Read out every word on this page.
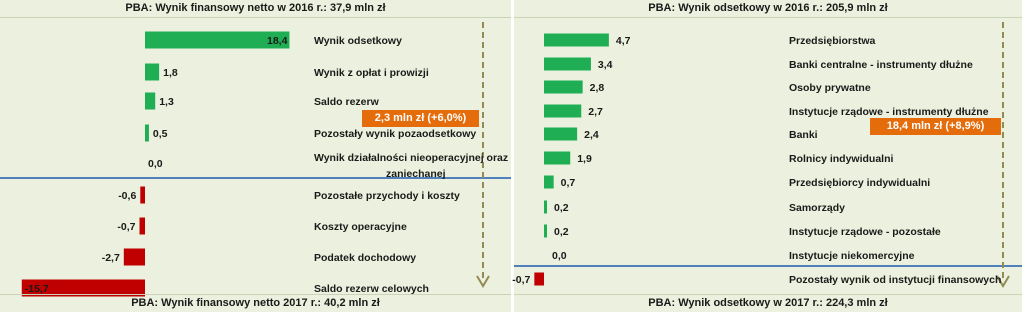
PBA: Wynik finansowy netto w 2016 r.: 37,9 mln zł
18,4	Wynik odsetkowy
1,8	Wynik z opłat i prowizji
1,3	Saldo rezerw
0,5	Pozostały wynik pozaodsetkowy
0,0	Wynik działalności nieoperacyjnej oraz
zaniechanej
-0,6	Pozostałe przychody i koszty
-0,7	Koszty operacyjne
-2,7	Podatek dochodowy
-15,7	Saldo rezerw celowych
2,3 mln zł (+6,0%)
PBA: Wynik finansowy netto 2017 r.: 40,2 mln zł
PBA: Wynik odsetkowy w 2016 r.: 205,9 mln zł
4,7	Przedsiębiorstwa
3,4	Banki centralne - instrumenty dłużne
2,8	Osoby prywatne
2,7	Instytucje rządowe - instrumenty dłużne
2,4	Banki
1,9	Rolnicy indywidualni
0,7	Przedsiębiorcy indywidualni
0,2	Samorządy
0,2	Instytucje rządowe - pozostałe
0,0	Instytucje niekomercyjne
-0,7	Pozostały wynik od instytucji finansowych
18,4 mln zł (+8,9%)
PBA: Wynik odsetkowy w 2017 r.: 224,3 mln zł
